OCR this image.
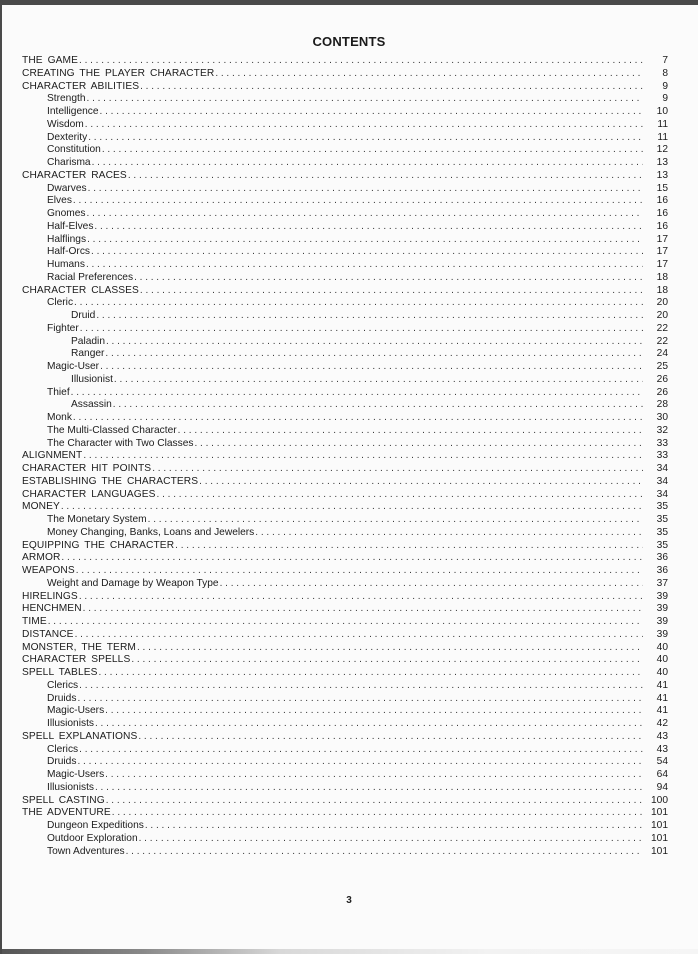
CONTENTS
THE GAME . . .	7
CREATING THE PLAYER CHARACTER . . .	8
CHARACTER ABILITIES . . .	9
Strength . . .	9
Intelligence . . .	10
Wisdom . . .	11
Dexterity . . .	11
Constitution . . .	12
Charisma . . .	13
CHARACTER RACES . . .	13
Dwarves . . .	15
Elves . . .	16
Gnomes . . .	16
Half-Elves . . .	16
Halflings . . .	17
Half-Orcs . . .	17
Humans . . .	17
Racial Preferences . . .	18
CHARACTER CLASSES . . .	18
Cleric . . .	20
Druid . . .	20
Fighter . . .	22
Paladin . . .	22
Ranger . . .	24
Magic-User . . .	25
Illusionist . . .	26
Thief . . .	26
Assassin . . .	28
Monk . . .	30
The Multi-Classed Character . . .	32
The Character with Two Classes . . .	33
ALIGNMENT . . .	33
CHARACTER HIT POINTS . . .	34
ESTABLISHING THE CHARACTERS . . .	34
CHARACTER LANGUAGES . . .	34
MONEY . . .	35
The Monetary System . . .	35
Money Changing, Banks, Loans and Jewelers . . .	35
EQUIPPING THE CHARACTER . . .	35
ARMOR . . .	36
WEAPONS . . .	36
Weight and Damage by Weapon Type . . .	37
HIRELINGS . . .	39
HENCHMEN . . .	39
TIME . . .	39
DISTANCE . . .	39
MONSTER, THE TERM . . .	40
CHARACTER SPELLS . . .	40
SPELL TABLES . . .	40
Clerics . . .	41
Druids . . .	41
Magic-Users . . .	41
Illusionists . . .	42
SPELL EXPLANATIONS . . .	43
Clerics . . .	43
Druids . . .	54
Magic-Users . . .	64
Illusionists . . .	94
SPELL CASTING . . .	100
THE ADVENTURE . . .	101
Dungeon Expeditions . . .	101
Outdoor Exploration . . .	101
Town Adventures . . .	101
3
